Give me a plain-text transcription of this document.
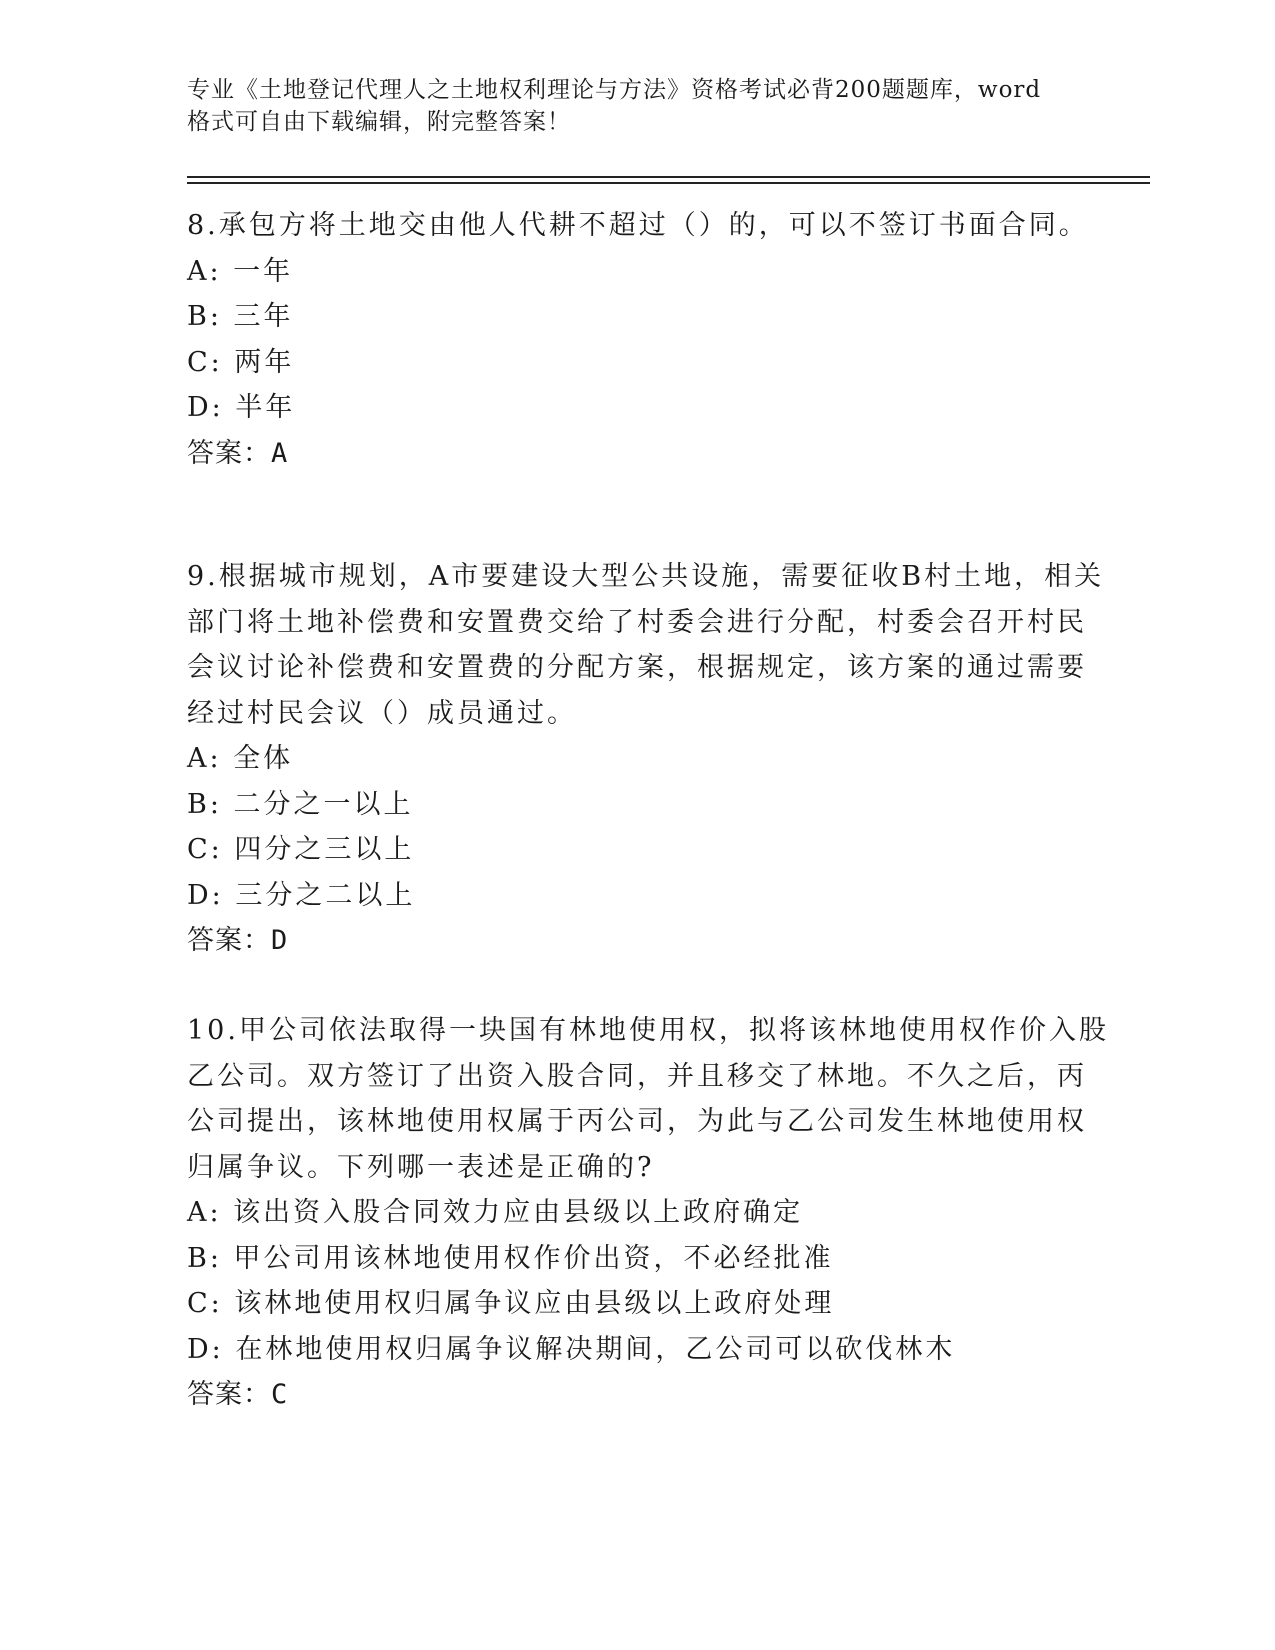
专业《土地登记代理人之土地权利理论与方法》资格考试必背200题题库，word
格式可自由下载编辑，附完整答案！
8.承包方将土地交由他人代耕不超过（）的，可以不签订书面合同。
A: 一年
B: 三年
C: 两年
D: 半年
答案：A
9.根据城市规划，A市要建设大型公共设施，需要征收B村土地，相关
部门将土地补偿费和安置费交给了村委会进行分配，村委会召开村民
会议讨论补偿费和安置费的分配方案，根据规定，该方案的通过需要
经过村民会议（）成员通过。
A: 全体
B: 二分之一以上
C: 四分之三以上
D: 三分之二以上
答案：D
10.甲公司依法取得一块国有林地使用权，拟将该林地使用权作价入股
乙公司。双方签订了出资入股合同，并且移交了林地。不久之后，丙
公司提出，该林地使用权属于丙公司，为此与乙公司发生林地使用权
归属争议。下列哪一表述是正确的?
A: 该出资入股合同效力应由县级以上政府确定
B: 甲公司用该林地使用权作价出资，不必经批准
C: 该林地使用权归属争议应由县级以上政府处理
D: 在林地使用权归属争议解决期间，乙公司可以砍伐林木
答案：C
